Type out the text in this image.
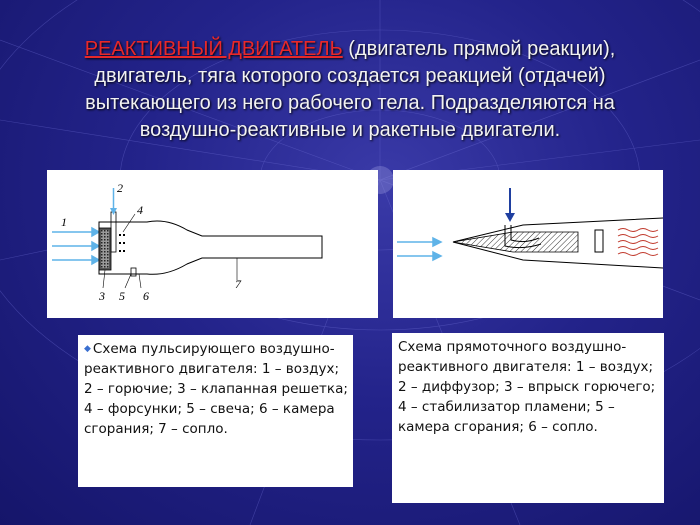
РЕАКТИВНЫЙ ДВИГАТЕЛЬ (двигатель прямой реакции), двигатель, тяга которого создается реакцией (отдачей) вытекающего из него рабочего тела. Подразделяются на воздушно-реактивные и ракетные двигатели.
1
2
4
3 5 6
7
◆ Схема пульсирующего воздушно-реактивного двигателя: 1 – воздух; 2 – горючие; 3 – клапанная решетка; 4 – форсунки; 5 – свеча; 6 – камера сгорания; 7 – сопло.
Схема прямоточного воздушно-реактивного двигателя: 1 – воздух; 2 – диффузор; 3 – впрыск горючего; 4 – стабилизатор пламени; 5 – камера сгорания; 6 – сопло.
